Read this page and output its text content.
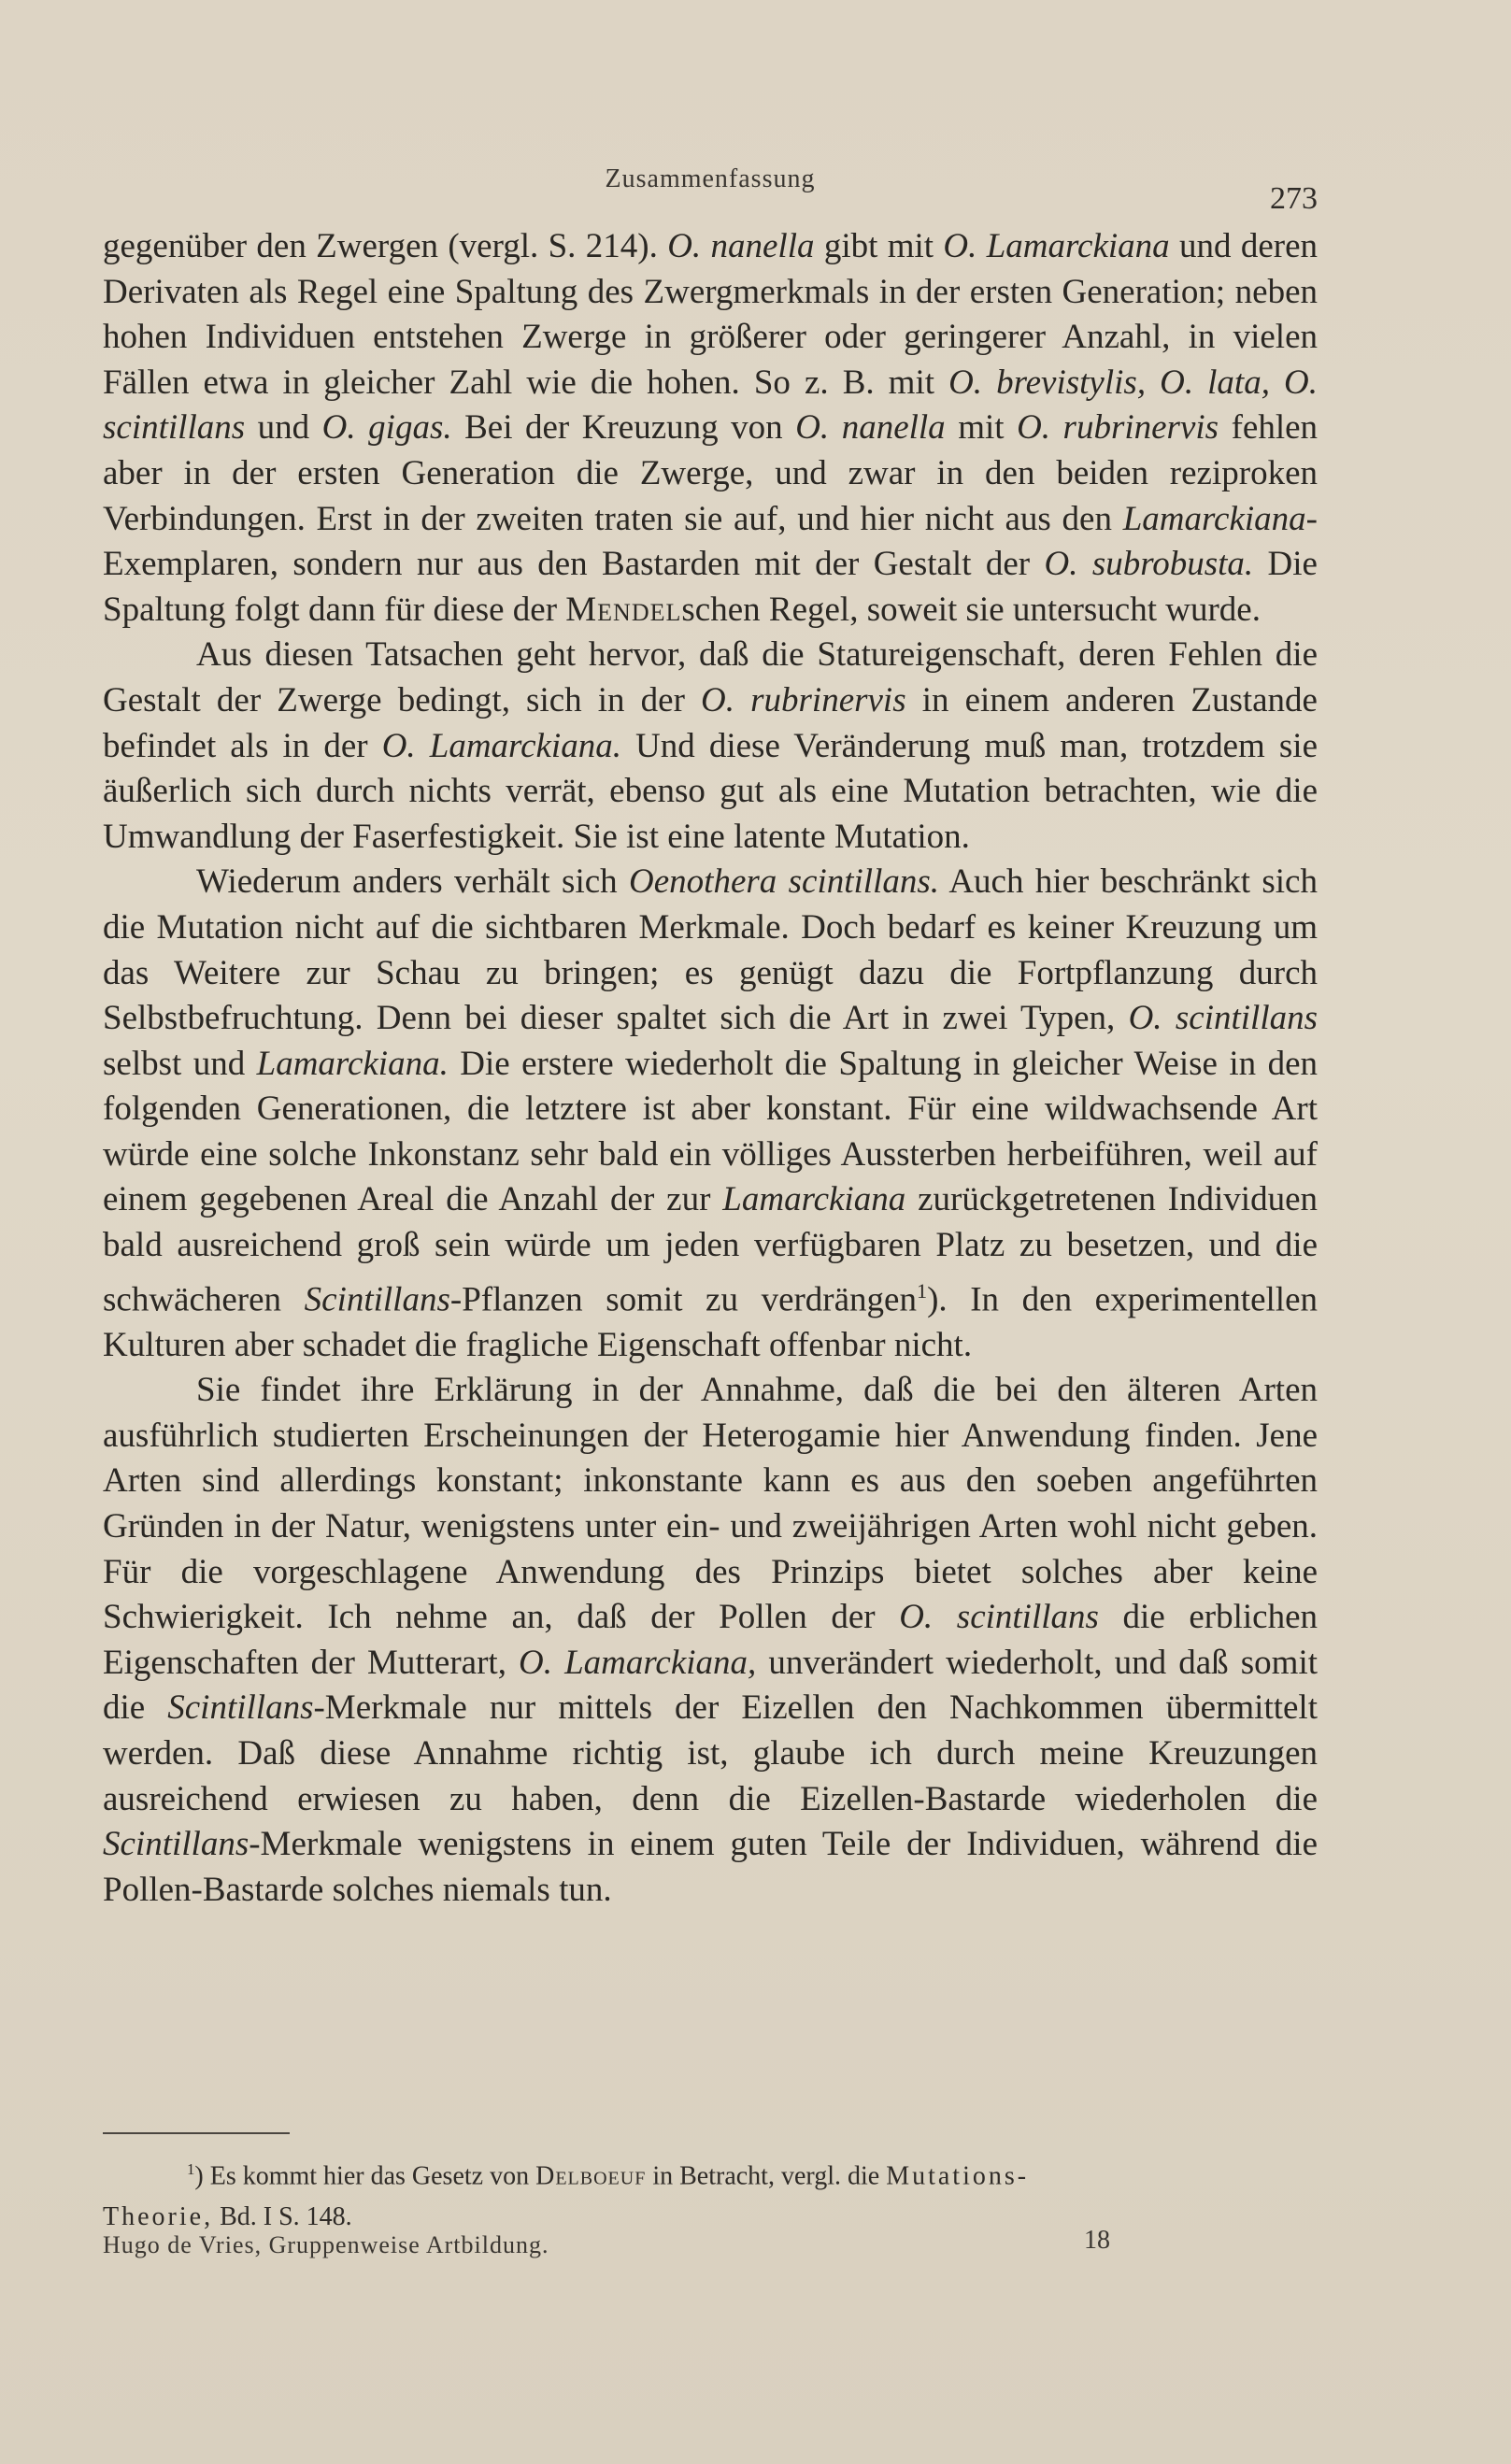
Zusammenfassung
273

gegenüber den Zwergen (vergl. S. 214). O. nanella gibt mit O. Lamarckiana und deren Derivaten als Regel eine Spaltung des Zwergmerkmals in der ersten Generation; neben hohen Individuen entstehen Zwerge in größerer oder geringerer Anzahl, in vielen Fällen etwa in gleicher Zahl wie die hohen. So z. B. mit O. brevistylis, O. lata, O. scintillans und O. gigas. Bei der Kreuzung von O. nanella mit O. rubrinervis fehlen aber in der ersten Generation die Zwerge, und zwar in den beiden reziproken Verbindungen. Erst in der zweiten traten sie auf, und hier nicht aus den Lamarckiana-Exemplaren, sondern nur aus den Bastarden mit der Gestalt der O. subrobusta. Die Spaltung folgt dann für diese der Mendelschen Regel, soweit sie untersucht wurde.

Aus diesen Tatsachen geht hervor, daß die Statureigenschaft, deren Fehlen die Gestalt der Zwerge bedingt, sich in der O. rubrinervis in einem anderen Zustande befindet als in der O. Lamarckiana. Und diese Veränderung muß man, trotzdem sie äußerlich sich durch nichts verrät, ebenso gut als eine Mutation betrachten, wie die Umwandlung der Faserfestigkeit. Sie ist eine latente Mutation.

Wiederum anders verhält sich Oenothera scintillans. Auch hier beschränkt sich die Mutation nicht auf die sichtbaren Merkmale. Doch bedarf es keiner Kreuzung um das Weitere zur Schau zu bringen; es genügt dazu die Fortpflanzung durch Selbstbefruchtung. Denn bei dieser spaltet sich die Art in zwei Typen, O. scintillans selbst und Lamarckiana. Die erstere wiederholt die Spaltung in gleicher Weise in den folgenden Generationen, die letztere ist aber konstant. Für eine wildwachsende Art würde eine solche Inkonstanz sehr bald ein völliges Aussterben herbeiführen, weil auf einem gegebenen Areal die Anzahl der zur Lamarckiana zurückgetretenen Individuen bald ausreichend groß sein würde um jeden verfügbaren Platz zu besetzen, und die schwächeren Scintillans-Pflanzen somit zu verdrängen$^1$). In den experimentellen Kulturen aber schadet die fragliche Eigenschaft offenbar nicht.

Sie findet ihre Erklärung in der Annahme, daß die bei den älteren Arten ausführlich studierten Erscheinungen der Heterogamie hier Anwendung finden. Jene Arten sind allerdings konstant; inkonstante kann es aus den soeben angeführten Gründen in der Natur, wenigstens unter ein- und zweijährigen Arten wohl nicht geben. Für die vorgeschlagene Anwendung des Prinzips bietet solches aber keine Schwierigkeit. Ich nehme an, daß der Pollen der O. scintillans die erblichen Eigenschaften der Mutterart, O. Lamarckiana, unverändert wiederholt, und daß somit die Scintillans-Merkmale nur mittels der Eizellen den Nachkommen übermittelt werden. Daß diese Annahme richtig ist, glaube ich durch meine Kreuzungen ausreichend erwiesen zu haben, denn die Eizellen-Bastarde wiederholen die Scintillans-Merkmale wenigstens in einem guten Teile der Individuen, während die Pollen-Bastarde solches niemals tun.

$^1$) Es kommt hier das Gesetz von Delboeuf in Betracht, vergl. die Mutations-

Theorie, Bd. I S. 148.

Hugo de Vries, Gruppenweise Artbildung.	18
